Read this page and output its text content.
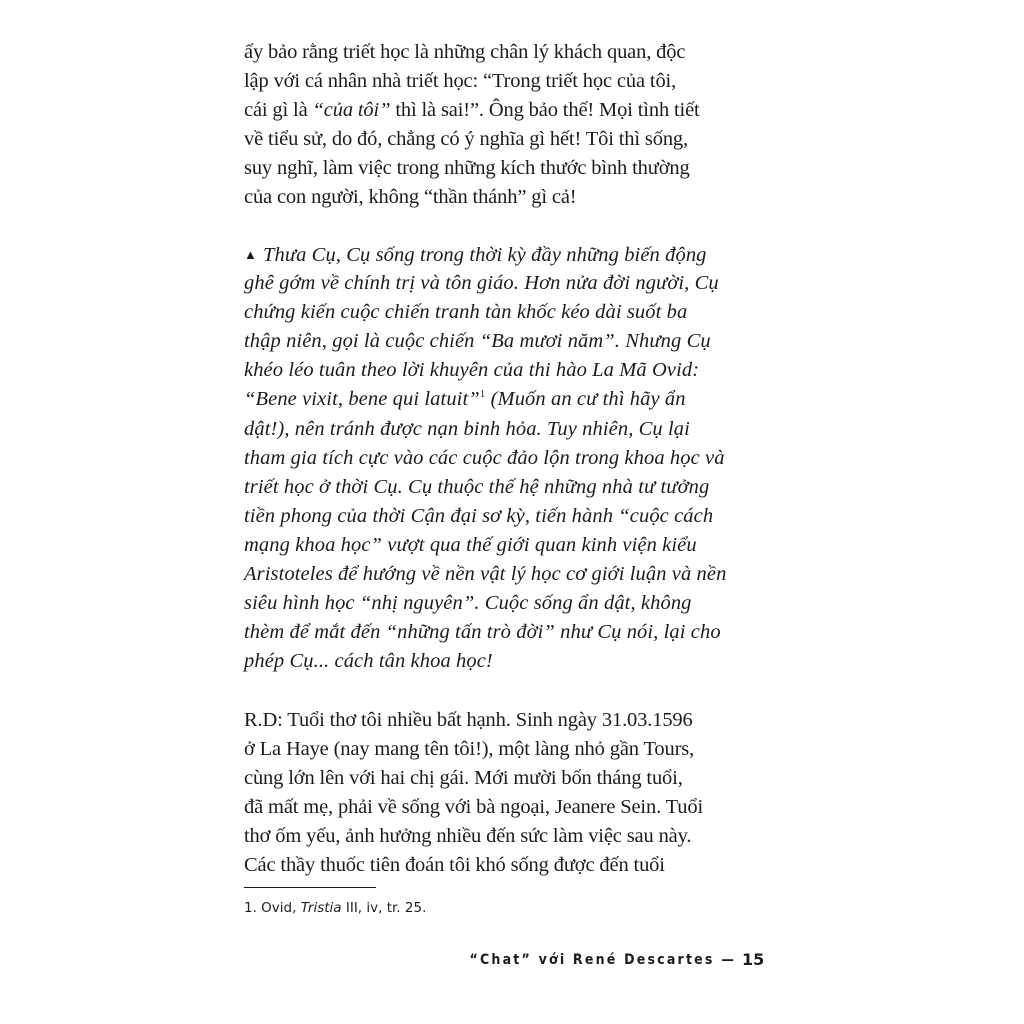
ấy bảo rằng triết học là những chân lý khách quan, độc
lập với cá nhân nhà triết học: “Trong triết học của tôi,
cái gì là “của tôi” thì là sai!”. Ông bảo thế! Mọi tình tiết
về tiểu sử, do đó, chẳng có ý nghĩa gì hết! Tôi thì sống,
suy nghĩ, làm việc trong những kích thước bình thường
của con người, không “thần thánh” gì cả!
▲ Thưa Cụ, Cụ sống trong thời kỳ đầy những biến động
ghê gớm về chính trị và tôn giáo. Hơn nửa đời người, Cụ
chứng kiến cuộc chiến tranh tàn khốc kéo dài suốt ba
thập niên, gọi là cuộc chiến “Ba mươi năm”. Nhưng Cụ
khéo léo tuân theo lời khuyên của thi hào La Mã Ovid:
“Bene vixit, bene qui latuit”$^1$ (Muốn an cư thì hãy ẩn
dật!), nên tránh được nạn binh hỏa. Tuy nhiên, Cụ lại
tham gia tích cực vào các cuộc đảo lộn trong khoa học và
triết học ở thời Cụ. Cụ thuộc thế hệ những nhà tư tưởng
tiền phong của thời Cận đại sơ kỳ, tiến hành “cuộc cách
mạng khoa học” vượt qua thế giới quan kinh viện kiểu
Aristoteles để hướng về nền vật lý học cơ giới luận và nền
siêu hình học “nhị nguyên”. Cuộc sống ẩn dật, không
thèm để mắt đến “những tấn trò đời” như Cụ nói, lại cho
phép Cụ... cách tân khoa học!
R.D: Tuổi thơ tôi nhiều bất hạnh. Sinh ngày 31.03.1596
ở La Haye (nay mang tên tôi!), một làng nhỏ gần Tours,
cùng lớn lên với hai chị gái. Mới mười bốn tháng tuổi,
đã mất mẹ, phải về sống với bà ngoại, Jeanere Sein. Tuổi
thơ ốm yếu, ảnh hưởng nhiều đến sức làm việc sau này.
Các thầy thuốc tiên đoán tôi khó sống được đến tuổi
1. Ovid, Tristia III, iv, tr. 25.
“Chat” với René Descartes — 15
